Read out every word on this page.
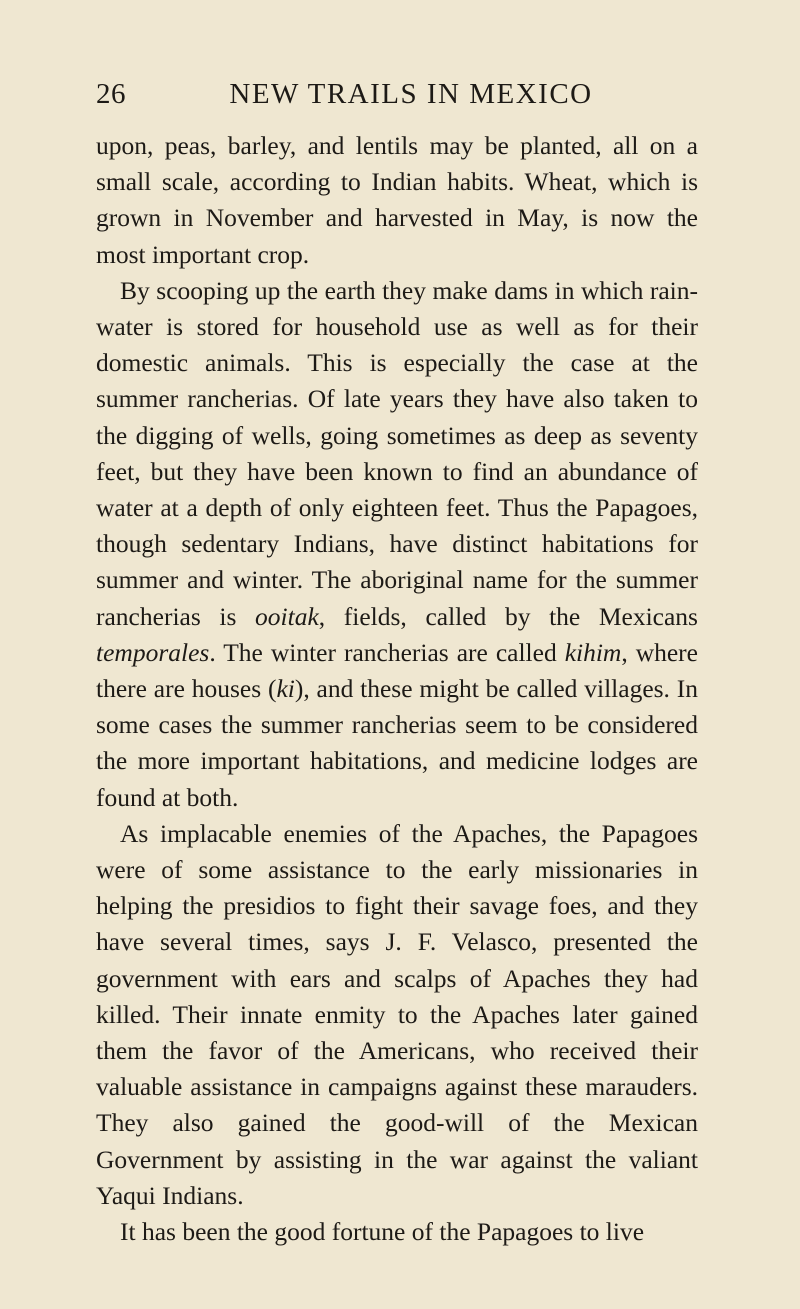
26	NEW TRAILS IN MEXICO

upon, peas, barley, and lentils may be planted, all on a small scale, according to Indian habits. Wheat, which is grown in November and harvested in May, is now the most important crop.

By scooping up the earth they make dams in which rain-water is stored for household use as well as for their domestic animals. This is especially the case at the summer rancherias. Of late years they have also taken to the digging of wells, going sometimes as deep as seventy feet, but they have been known to find an abundance of water at a depth of only eighteen feet. Thus the Papagoes, though sedentary Indians, have distinct habitations for summer and winter. The aboriginal name for the summer rancherias is ooitak, fields, called by the Mexicans temporales. The winter rancherias are called kihim, where there are houses (ki), and these might be called villages. In some cases the summer rancherias seem to be considered the more important habitations, and medicine lodges are found at both.

As implacable enemies of the Apaches, the Papagoes were of some assistance to the early missionaries in helping the presidios to fight their savage foes, and they have several times, says J. F. Velasco, presented the government with ears and scalps of Apaches they had killed. Their innate enmity to the Apaches later gained them the favor of the Americans, who received their valuable assistance in campaigns against these marauders. They also gained the good-will of the Mexican Government by assisting in the war against the valiant Yaqui Indians.

It has been the good fortune of the Papagoes to live
